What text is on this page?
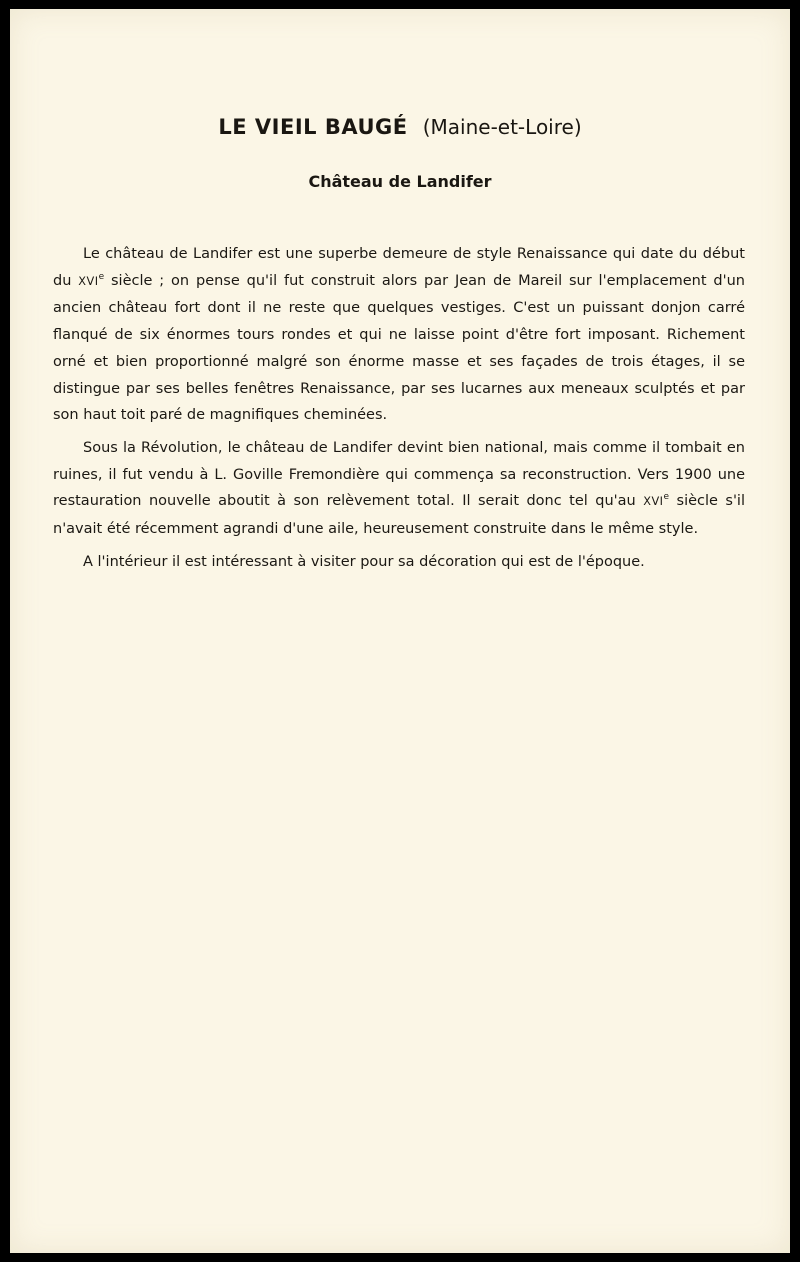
LE VIEIL BAUGÉ (Maine-et-Loire)
Château de Landifer

Le château de Landifer est une superbe demeure de style Renaissance qui date du début du XVIe siècle ; on pense qu'il fut construit alors par Jean de Mareil sur l'emplacement d'un ancien château fort dont il ne reste que quelques vestiges. C'est un puissant donjon carré flanqué de six énormes tours rondes et qui ne laisse point d'être fort imposant. Richement orné et bien proportionné malgré son énorme masse et ses façades de trois étages, il se distingue par ses belles fenêtres Renaissance, par ses lucarnes aux meneaux sculptés et par son haut toit paré de magnifiques cheminées.

Sous la Révolution, le château de Landifer devint bien national, mais comme il tombait en ruines, il fut vendu à L. Goville Fremondière qui commença sa reconstruction. Vers 1900 une restauration nouvelle aboutit à son relèvement total. Il serait donc tel qu'au XVIe siècle s'il n'avait été récemment agrandi d'une aile, heureusement construite dans le même style.

A l'intérieur il est intéressant à visiter pour sa décoration qui est de l'époque.
